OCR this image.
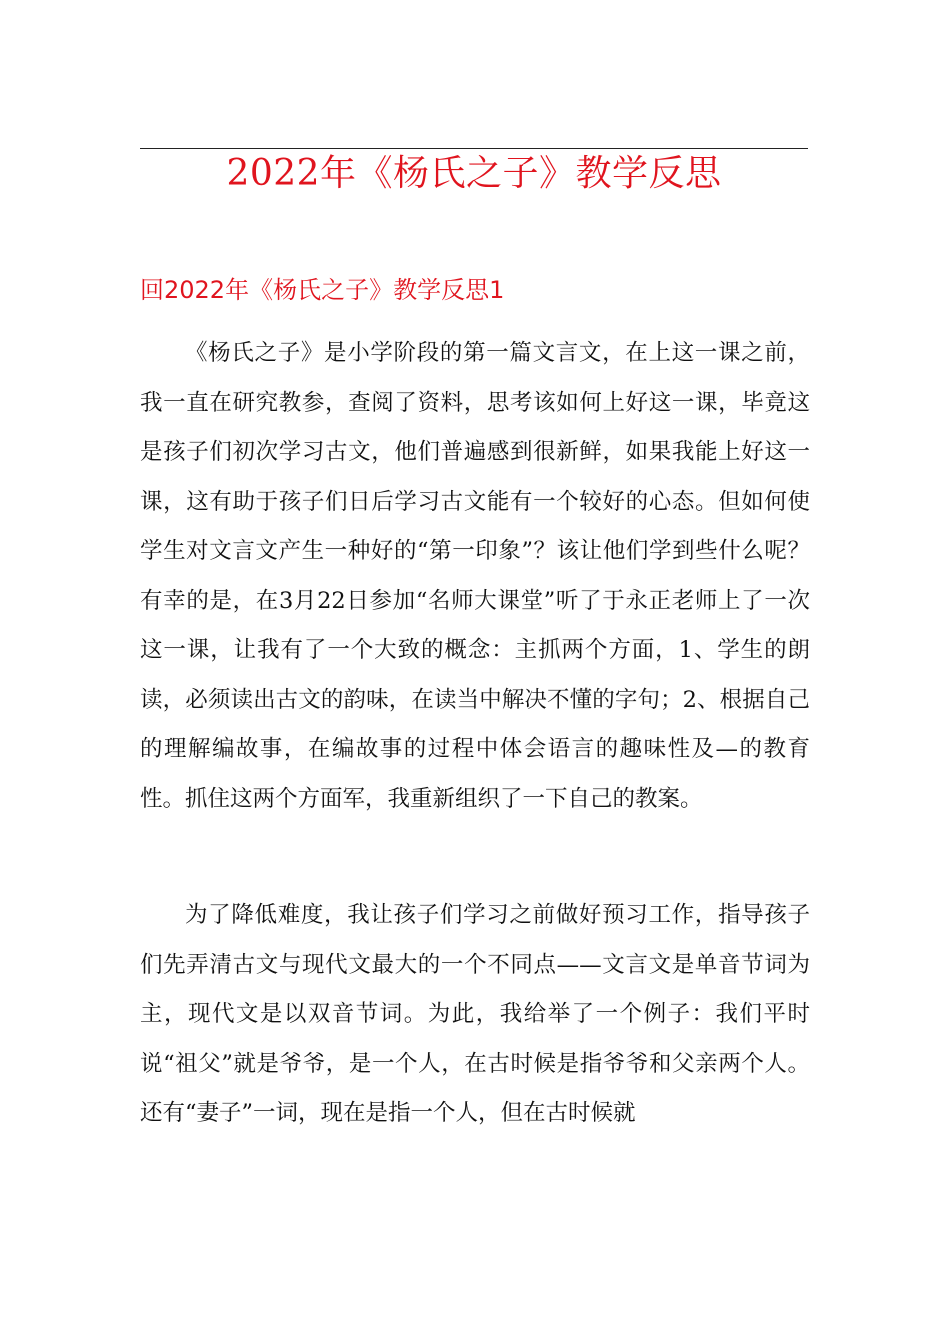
2022年《杨氏之子》教学反思
回2022年《杨氏之子》教学反思1

《杨氏之子》是小学阶段的第一篇文言文，在上这一课之前，我一直在研究教参，查阅了资料，思考该如何上好这一课，毕竟这是孩子们初次学习古文，他们普遍感到很新鲜，如果我能上好这一课，这有助于孩子们日后学习古文能有一个较好的心态。但如何使学生对文言文产生一种好的“第一印象”？该让他们学到些什么呢？有幸的是，在3月22日参加“名师大课堂”听了于永正老师上了一次这一课，让我有了一个大致的概念：主抓两个方面，1、学生的朗读，必须读出古文的韵味，在读当中解决不懂的字句；2、根据自己的理解编故事，在编故事的过程中体会语言的趣味性及—的教育性。抓住这两个方面军，我重新组织了一下自己的教案。

为了降低难度，我让孩子们学习之前做好预习工作，指导孩子们先弄清古文与现代文最大的一个不同点——文言文是单音节词为主，现代文是以双音节词。为此，我给举了一个例子：我们平时说“祖父”就是爷爷，是一个人，在古时候是指爷爷和父亲两个人。还有“妻子”一词，现在是指一个人，但在古时候就
